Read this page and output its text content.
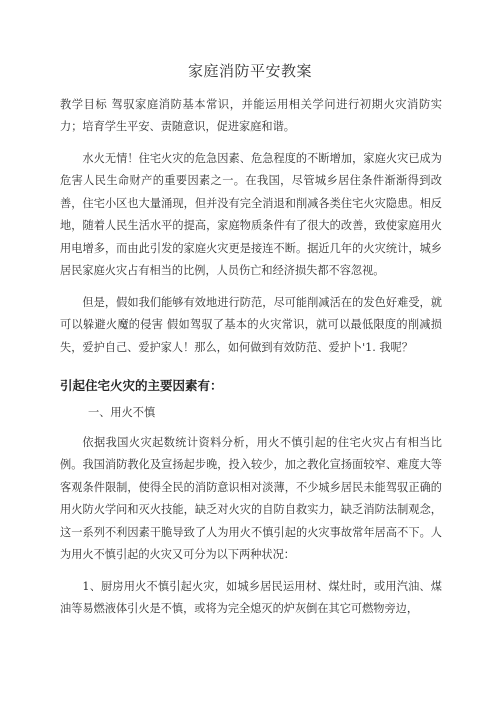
家庭消防平安教案
教学目标 驾驭家庭消防基本常识，并能运用相关学问进行初期火灾消防实力；培育学生平安、责随意识，促进家庭和谐。
水火无情！住宅火灾的危急因素、危急程度的不断增加，家庭火灾已成为危害人民生命财产的重要因素之一。在我国，尽管城乡居住条件渐渐得到改善，住宅小区也大量涌现，但并没有完全消退和削减各类住宅火灾隐患。相反地，随着人民生活水平的提高，家庭物质条件有了很大的改善，致使家庭用火用电增多，而由此引发的家庭火灾更是接连不断。据近几年的火灾统计，城乡居民家庭火灾占有相当的比例，人员伤亡和经济损失都不容忽视。
但是，假如我们能够有效地进行防范，尽可能削减活在的发色好难受，就可以躲避火魔的侵害 假如驾驭了基本的火灾常识，就可以最低限度的削减损失，爱护自己、爱护家人！那么，如何做到有效防范、爱护卜'1. 我呢？
引起住宅火灾的主要因素有：
一、用火不慎
依据我国火灾起数统计资料分析，用火不慎引起的住宅火灾占有相当比例。我国消防教化及宣扬起步晚，投入较少，加之教化宣扬面较窄、难度大等客观条件限制，使得全民的消防意识相对淡薄，不少城乡居民未能驾驭正确的用火防火学问和灭火技能，缺乏对火灾的自防自救实力，缺乏消防法制观念，这一系列不利因素干脆导致了人为用火不慎引起的火灾事故常年居高不下。人为用火不慎引起的火灾又可分为以下两种状况：
1、厨房用火不慎引起火灾，如城乡居民运用材、煤灶时，或用汽油、煤油等易燃液体引火是不慎，或将为完全熄灭的炉灰倒在其它可燃物旁边，
